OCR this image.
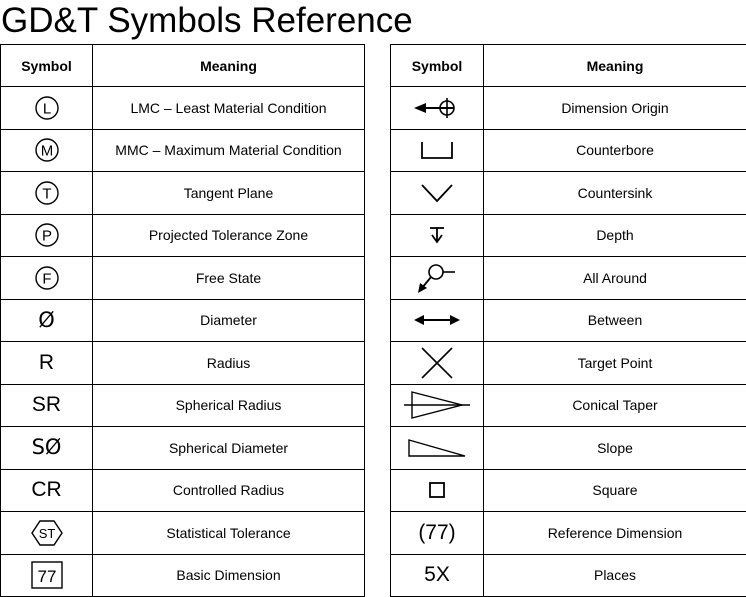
GD&T Symbols Reference
Symbol	Meaning

L	LMC – Least Material Condition

M	MMC – Maximum Material Condition

T	Tangent Plane

P	Projected Tolerance Zone

F	Free State
Ø	Diameter
R	Radius
SR	Spherical Radius
SØ	Spherical Diameter
CR	Controlled Radius

ST	Statistical Tolerance

77	Basic Dimension
Symbol	Meaning

	Dimension Origin

	Counterbore

	Countersink

	Depth

	All Around

	Between

	Target Point

	Conical Taper

	Slope

	Square
(77)	Reference Dimension
5X	Places
